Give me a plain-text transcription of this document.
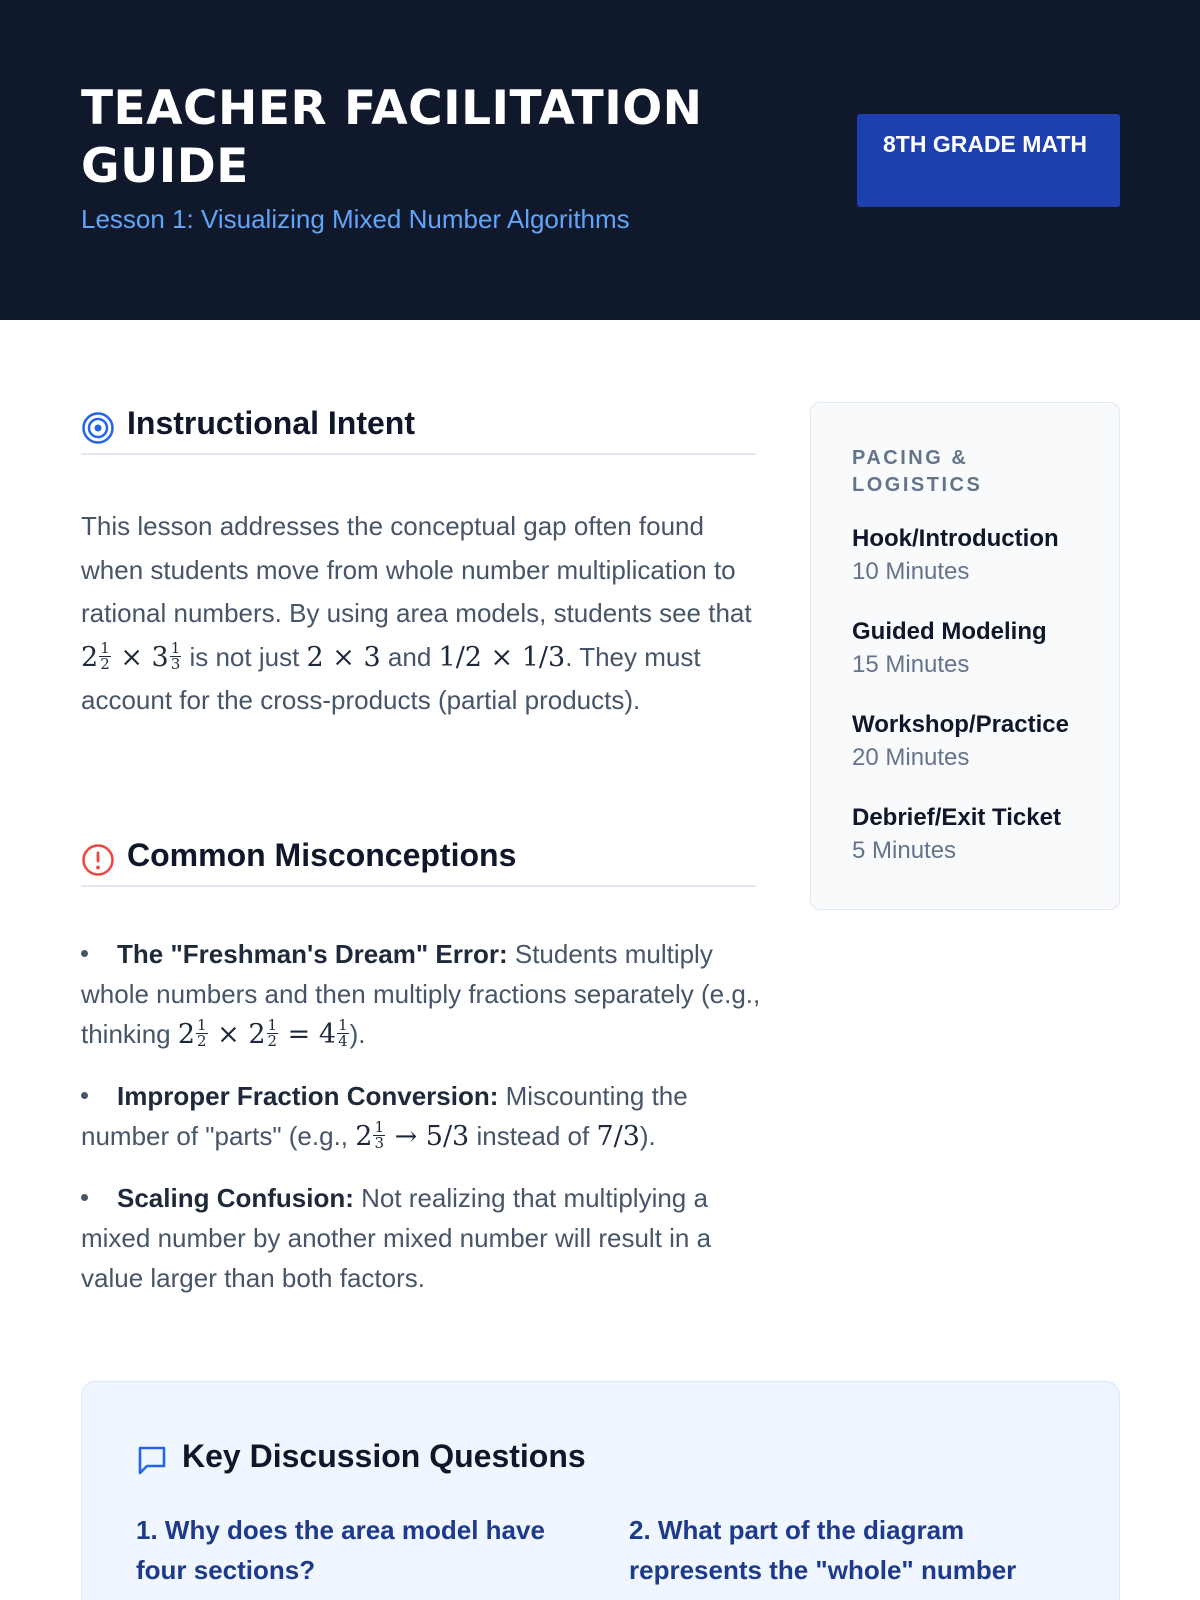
TEACHER FACILITATION GUIDE
Lesson 1: Visualizing Mixed Number Algorithms
8TH GRADE MATH
Instructional Intent
This lesson addresses the conceptual gap often found when students move from whole number multiplication to rational numbers. By using area models, students see that $2 \frac{1}{2} \times 3 \frac{1}{3}$ is not just 2 × 3 and 1/2 × 1/3. They must account for the cross-products (partial products).
Common Misconceptions
The "Freshman's Dream" Error: Students multiply whole numbers and then multiply fractions separately (e.g., thinking $2 \frac{1}{2} \times 2 \frac{1}{2} = 4 \frac{1}{4}$ ).
Improper Fraction Conversion: Miscounting the number of "parts" (e.g., $2 \frac{1}{3} \to 5/3$ instead of 7/3).
Scaling Confusion: Not realizing that multiplying a mixed number by another mixed number will result in a value larger than both factors.
PACING & LOGISTICS
Hook/Introduction
10 Minutes
Guided Modeling
15 Minutes
Workshop/Practice
20 Minutes
Debrief/Exit Ticket
5 Minutes
Key Discussion Questions
1. Why does the area model have four sections?
2. What part of the diagram represents the "whole" number
